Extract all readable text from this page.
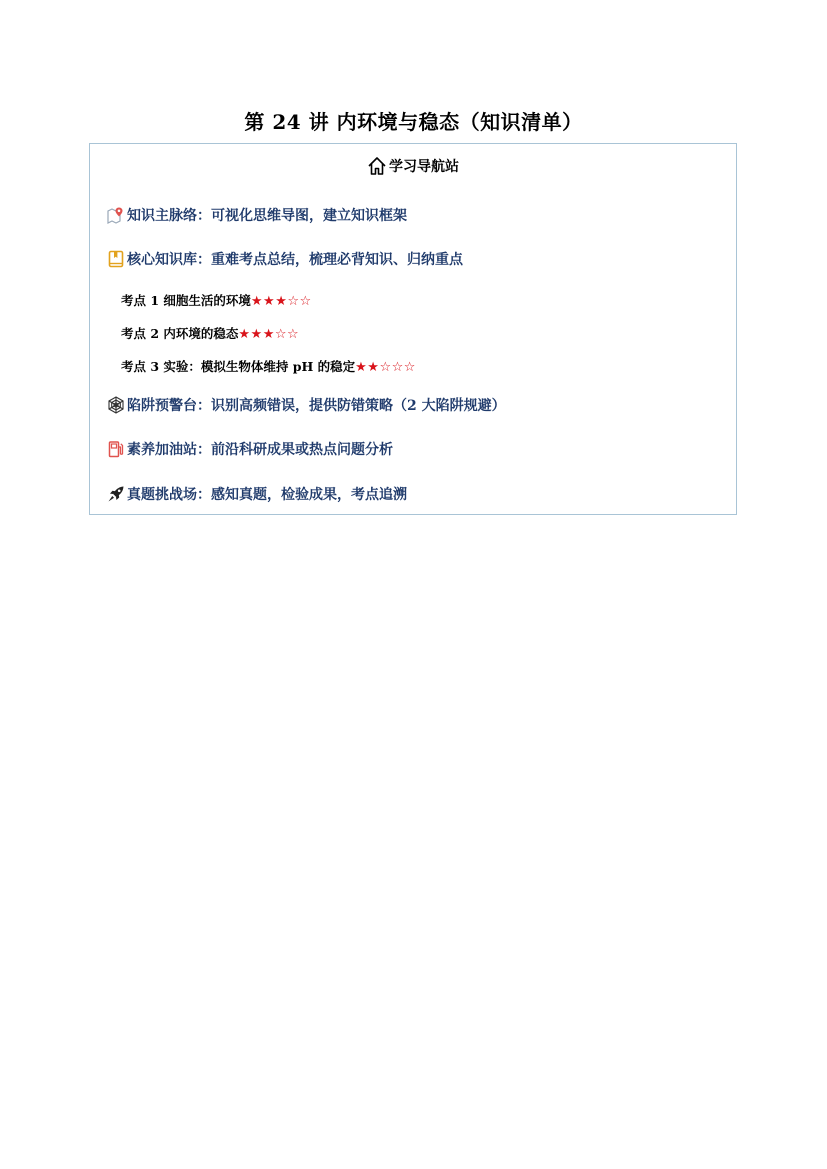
第 24 讲 内环境与稳态（知识清单）
学习导航站
知识主脉络：可视化思维导图，建立知识框架
核心知识库：重难考点总结，梳理必背知识、归纳重点
考点 1 细胞生活的环境★★★☆☆
考点 2 内环境的稳态★★★☆☆
考点 3 实验：模拟生物体维持 pH 的稳定★★☆☆☆
陷阱预警台：识别高频错误，提供防错策略（2 大陷阱规避）
素养加油站：前沿科研成果或热点问题分析
真题挑战场：感知真题，检验成果，考点追溯
